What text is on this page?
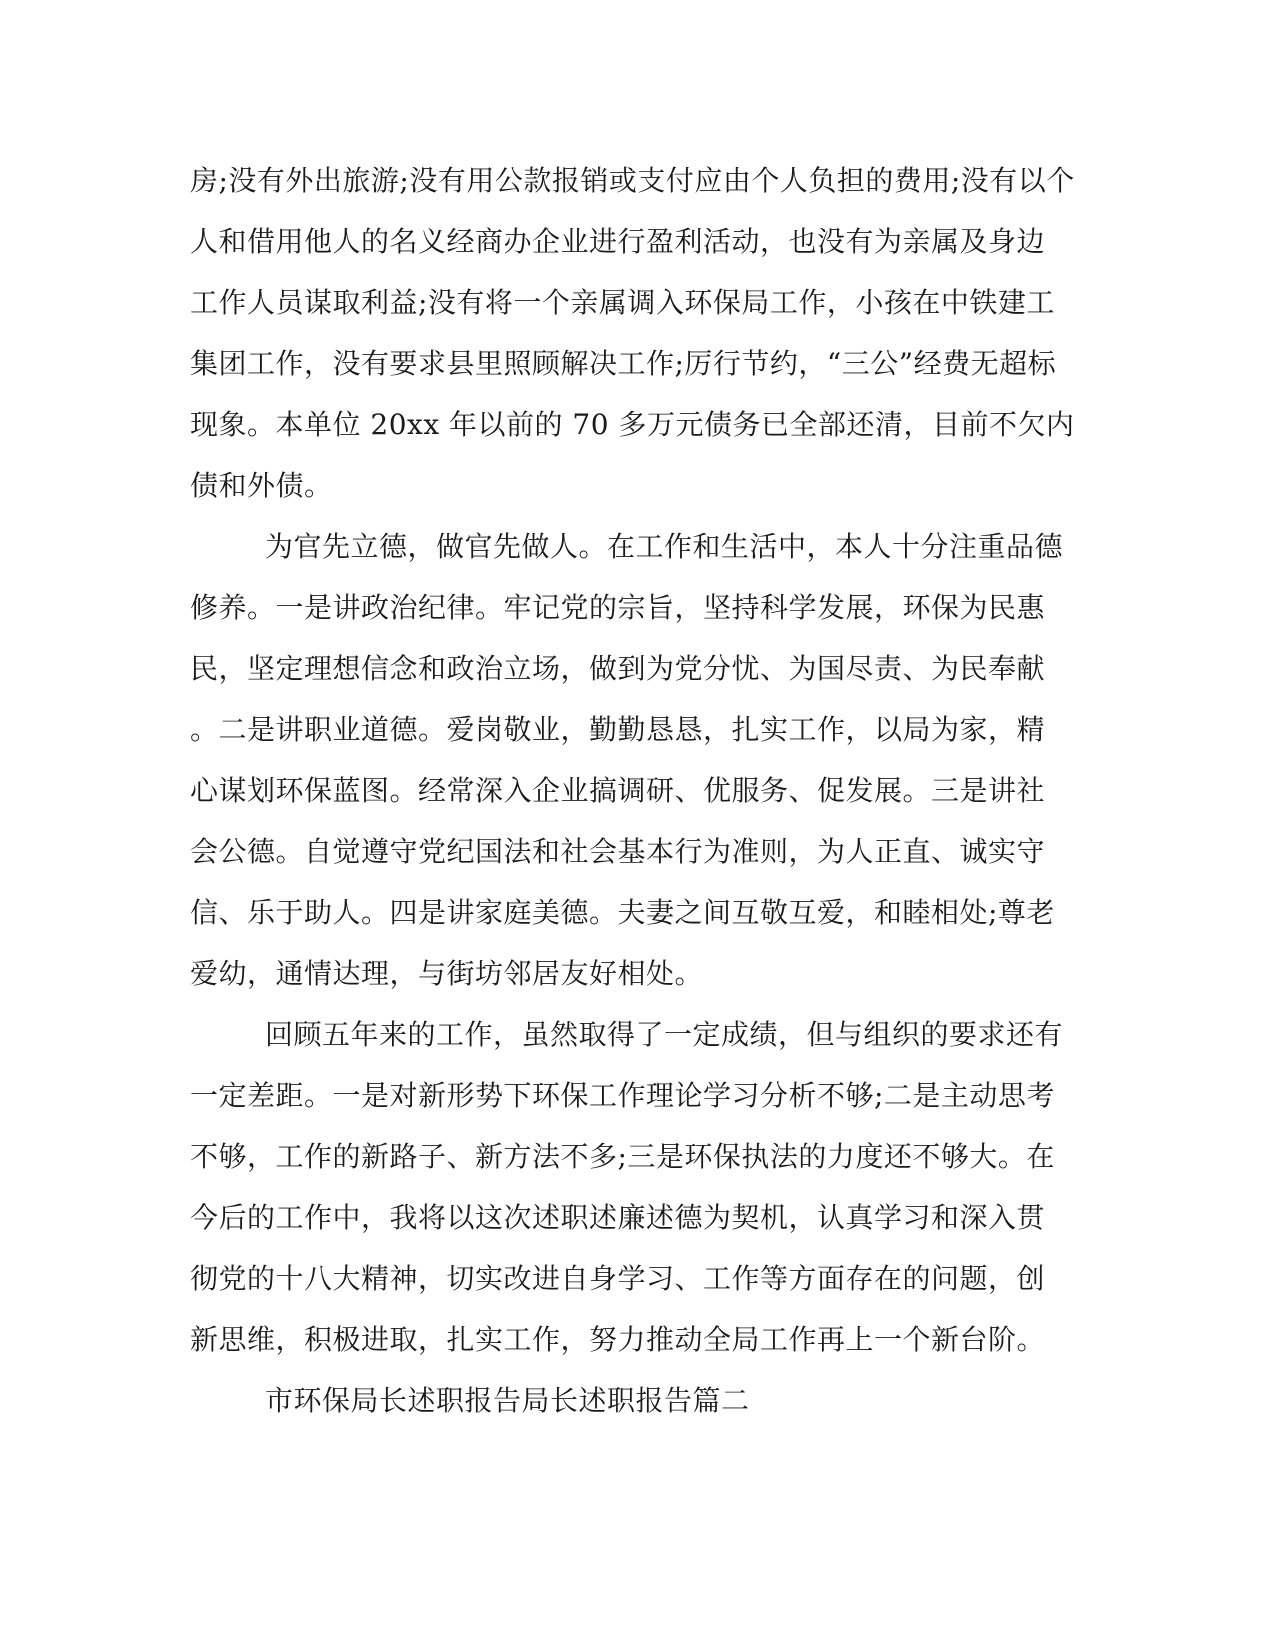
房;没有外出旅游;没有用公款报销或支付应由个人负担的费用;没有以个
人和借用他人的名义经商办企业进行盈利活动，也没有为亲属及身边
工作人员谋取利益;没有将一个亲属调入环保局工作，小孩在中铁建工
集团工作，没有要求县里照顾解决工作;厉行节约，“三公”经费无超标
现象。本单位 20xx 年以前的 70 多万元债务已全部还清，目前不欠内
债和外债。
为官先立德，做官先做人。在工作和生活中，本人十分注重品德
修养。一是讲政治纪律。牢记党的宗旨，坚持科学发展，环保为民惠
民，坚定理想信念和政治立场，做到为党分忧、为国尽责、为民奉献
。二是讲职业道德。爱岗敬业，勤勤恳恳，扎实工作，以局为家，精
心谋划环保蓝图。经常深入企业搞调研、优服务、促发展。三是讲社
会公德。自觉遵守党纪国法和社会基本行为准则，为人正直、诚实守
信、乐于助人。四是讲家庭美德。夫妻之间互敬互爱，和睦相处;尊老
爱幼，通情达理，与街坊邻居友好相处。
回顾五年来的工作，虽然取得了一定成绩，但与组织的要求还有
一定差距。一是对新形势下环保工作理论学习分析不够;二是主动思考
不够，工作的新路子、新方法不多;三是环保执法的力度还不够大。在
今后的工作中，我将以这次述职述廉述德为契机，认真学习和深入贯
彻党的十八大精神，切实改进自身学习、工作等方面存在的问题，创
新思维，积极进取，扎实工作，努力推动全局工作再上一个新台阶。
市环保局长述职报告局长述职报告篇二
